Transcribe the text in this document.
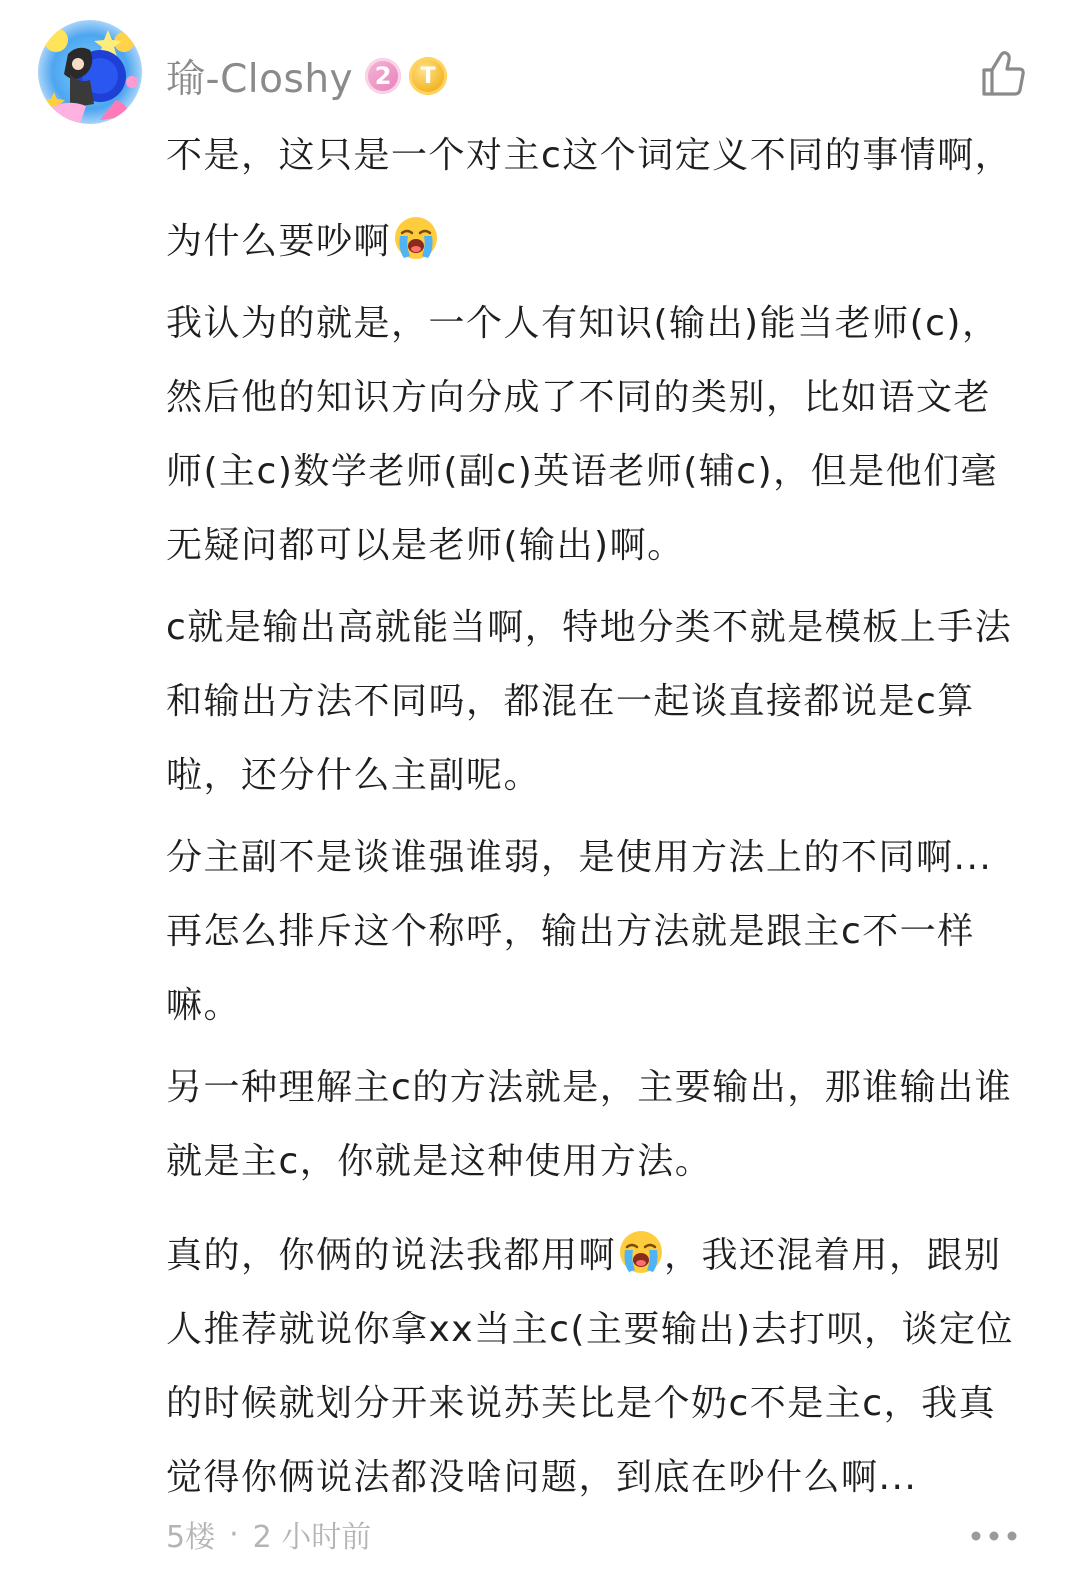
瑜-Closhy 2	T
不是，这只是一个对主c这个词定义不同的事情啊，
为什么要吵啊
我认为的就是，一个人有知识(输出)能当老师(c)，
然后他的知识方向分成了不同的类别，比如语文老
师(主c)数学老师(副c)英语老师(辅c)，但是他们毫
无疑问都可以是老师(输出)啊。
c就是输出高就能当啊，特地分类不就是模板上手法
和输出方法不同吗，都混在一起谈直接都说是c算
啦，还分什么主副呢。
分主副不是谈谁强谁弱，是使用方法上的不同啊...
再怎么排斥这个称呼，输出方法就是跟主c不一样
嘛。
另一种理解主c的方法就是，主要输出，那谁输出谁
就是主c，你就是这种使用方法。
真的，你俩的说法我都用啊 ，我还混着用，跟别
人推荐就说你拿xx当主c(主要输出)去打呗，谈定位
的时候就划分开来说苏芙比是个奶c不是主c，我真
觉得你俩说法都没啥问题，到底在吵什么啊...
5楼 · 2 小时前
